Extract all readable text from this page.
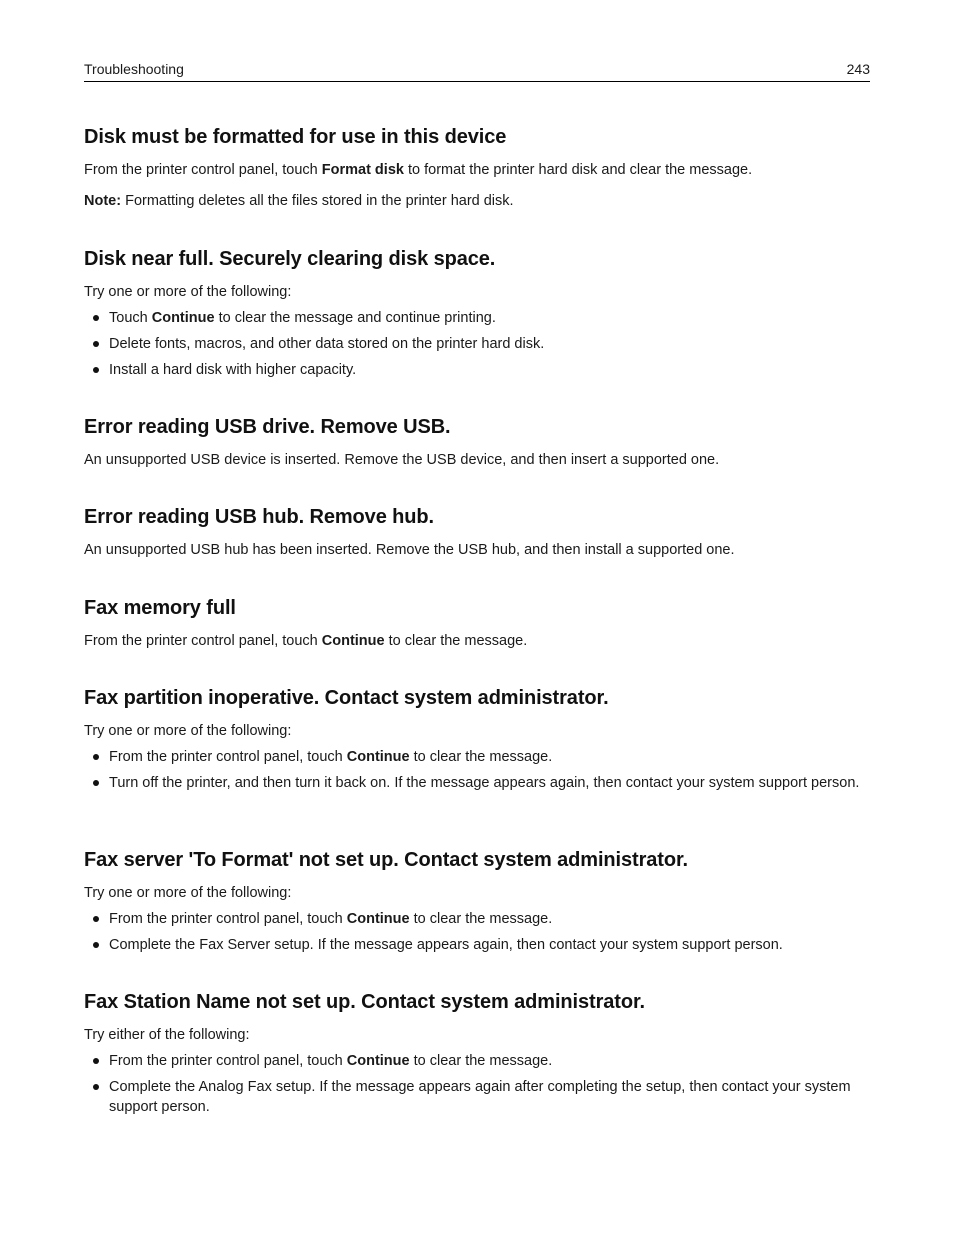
Troubleshooting	243
Disk must be formatted for use in this device

From the printer control panel, touch Format disk to format the printer hard disk and clear the message.

Note: Formatting deletes all the files stored in the printer hard disk.

Disk near full. Securely clearing disk space.

Try one or more of the following:

Touch Continue to clear the message and continue printing.
Delete fonts, macros, and other data stored on the printer hard disk.
Install a hard disk with higher capacity.
Error reading USB drive. Remove USB.

An unsupported USB device is inserted. Remove the USB device, and then insert a supported one.

Error reading USB hub. Remove hub.

An unsupported USB hub has been inserted. Remove the USB hub, and then install a supported one.

Fax memory full

From the printer control panel, touch Continue to clear the message.

Fax partition inoperative. Contact system administrator.

Try one or more of the following:

From the printer control panel, touch Continue to clear the message.
Turn off the printer, and then turn it back on. If the message appears again, then contact your system support person.
Fax server 'To Format' not set up. Contact system administrator.

Try one or more of the following:

From the printer control panel, touch Continue to clear the message.
Complete the Fax Server setup. If the message appears again, then contact your system support person.
Fax Station Name not set up. Contact system administrator.

Try either of the following:

From the printer control panel, touch Continue to clear the message.
Complete the Analog Fax setup. If the message appears again after completing the setup, then contact your system support person.
